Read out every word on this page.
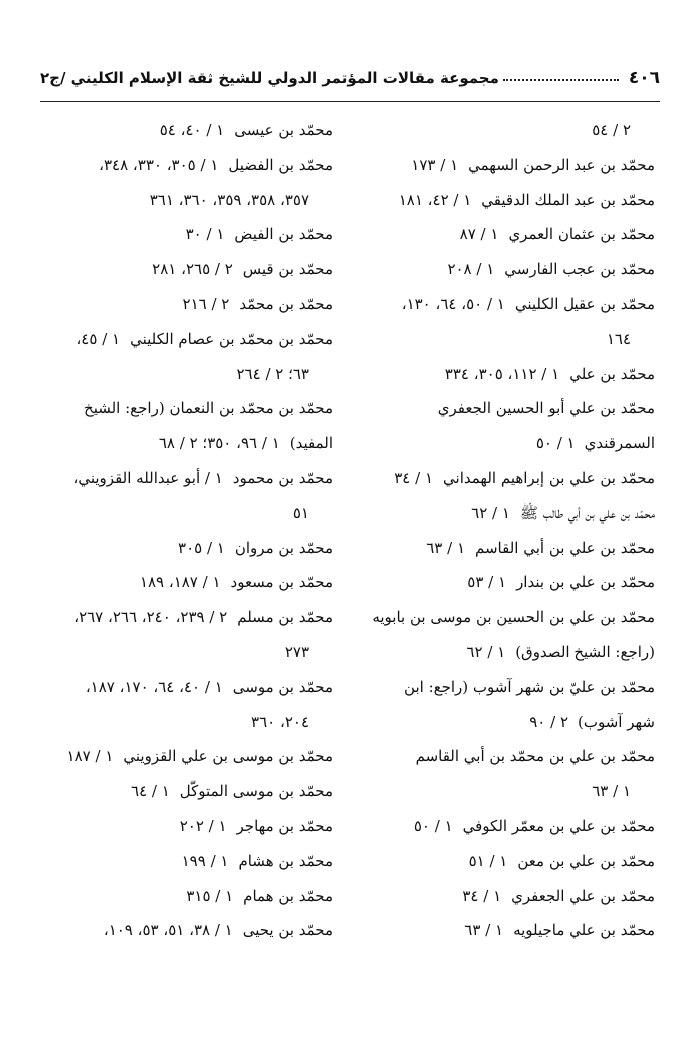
٤٠٦
مجموعة مقالات المؤتمر الدولي للشيخ ثقة الإسلام الكليني /ج٢
٢ / ٥٤
محمّد بن عبد الرحمن السهمي١ / ١٧٣
محمّد بن عبد الملك الدقيقي١ / ٤٢، ١٨١
محمّد بن عثمان العمري١ / ٨٧
محمّد بن عجب الفارسي١ / ٢٠٨
محمّد بن عقيل الكليني١ / ٥٠، ٦٤، ١٣٠،
١٦٤
محمّد بن علي١ / ١١٢، ٣٠٥، ٣٣٤
محمّد بن علي أبو الحسين الجعفري
السمرقندي١ / ٥٠
محمّد بن علي بن إبراهيم الهمداني١ / ٣٤
محمّد بن علي بن أبي طالب ﷺ١ / ٦٢
محمّد بن علي بن أبي القاسم١ / ٦٣
محمّد بن علي بن بندار١ / ٥٣
محمّد بن علي بن الحسين بن موسى بن بابويه
(راجع: الشيخ الصدوق)١ / ٦٢
محمّد بن عليّ بن شهر آشوب (راجع: ابن
شهر آشوب)٢ / ٩٠
محمّد بن علي بن محمّد بن أبي القاسم
١ / ٦٣
محمّد بن علي بن معمّر الكوفي١ / ٥٠
محمّد بن علي بن معن١ / ٥١
محمّد بن علي الجعفري١ / ٣٤
محمّد بن علي ماجيلويه١ / ٦٣
محمّد بن عيسى١ / ٤٠، ٥٤
محمّد بن الفضيل١ / ٣٠٥، ٣٣٠، ٣٤٨،
٣٥٧، ٣٥٨، ٣٥٩، ٣٦٠، ٣٦١
محمّد بن الفيض١ / ٣٠
محمّد بن قيس٢ / ٢٦٥، ٢٨١
محمّد بن محمّد٢ / ٢١٦
محمّد بن محمّد بن عصام الكليني١ / ٤٥،
٦٣؛ ٢ / ٢٦٤
محمّد بن محمّد بن النعمان (راجع: الشيخ
المفيد)١ / ٩٦، ٣٥٠؛ ٢ / ٦٨
محمّد بن محمود١ / أبو عبدالله القزويني،
٥١
محمّد بن مروان١ / ٣٠٥
محمّد بن مسعود١ / ١٨٧، ١٨٩
محمّد بن مسلم٢ / ٢٣٩، ٢٤٠، ٢٦٦، ٢٦٧،
٢٧٣
محمّد بن موسى١ / ٤٠، ٦٤، ١٧٠، ١٨٧،
٢٠٤، ٣٦٠
محمّد بن موسى بن علي القزويني١ / ١٨٧
محمّد بن موسى المتوكّل١ / ٦٤
محمّد بن مهاجر١ / ٢٠٢
محمّد بن هشام١ / ١٩٩
محمّد بن همام١ / ٣١٥
محمّد بن يحيى١ / ٣٨، ٥١، ٥٣، ١٠٩،
